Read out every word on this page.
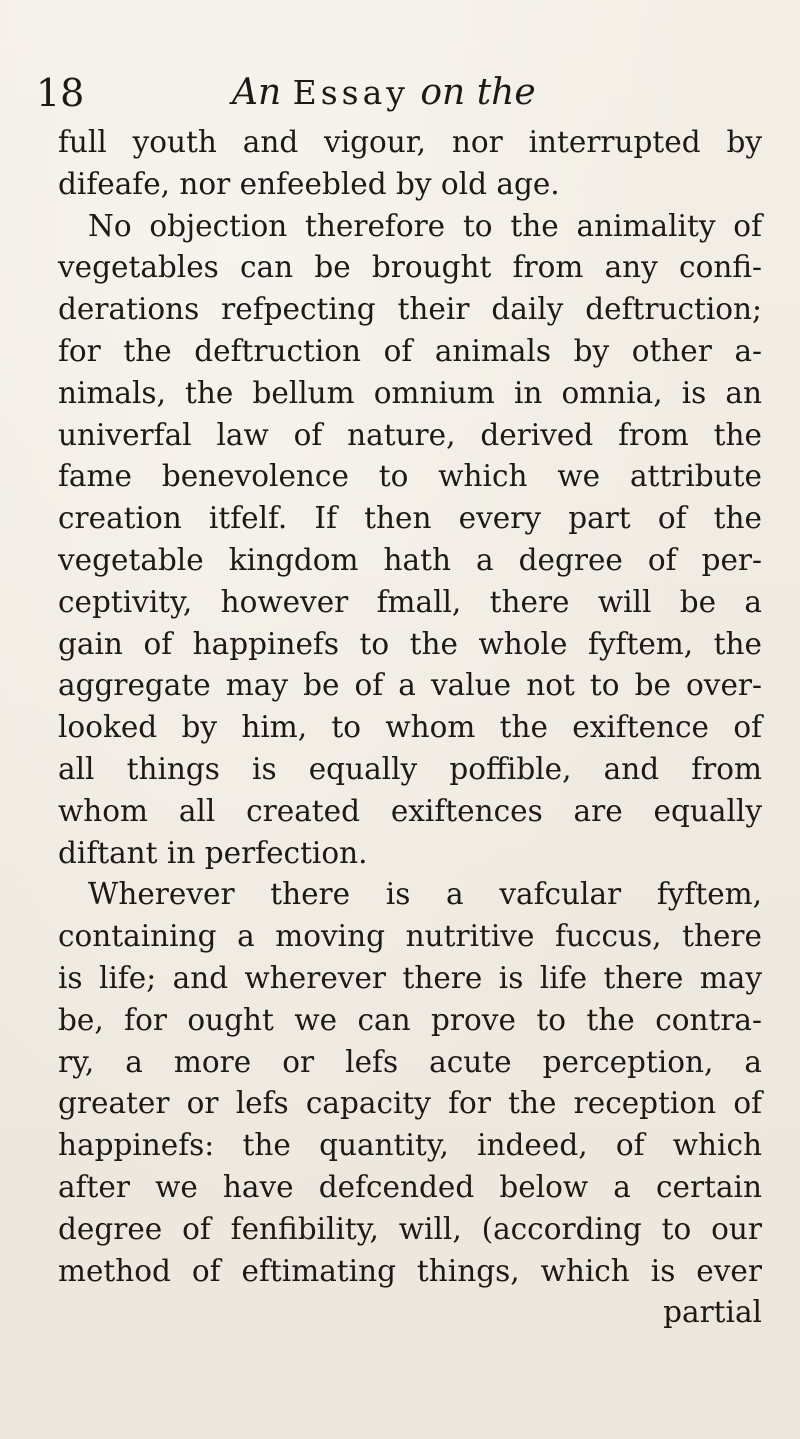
18	An Essay on the
full youth and vigour, nor interrupted by
difeafe, nor enfeebled by old age.
No objection therefore to the animality of
vegetables can be brought from any confi-
derations refpecting their daily deftruction;
for the deftruction of animals by other a-
nimals, the bellum omnium in omnia, is an
univerfal law of nature, derived from the
fame benevolence to which we attribute
creation itfelf. If then every part of the
vegetable kingdom hath a degree of per-
ceptivity, however fmall, there will be a
gain of happinefs to the whole fyftem, the
aggregate may be of a value not to be over-
looked by him, to whom the exiftence of
all things is equally poffible, and from
whom all created exiftences are equally
diftant in perfection.
Wherever there is a vafcular fyftem,
containing a moving nutritive fuccus, there
is life; and wherever there is life there may
be, for ought we can prove to the contra-
ry, a more or lefs acute perception, a
greater or lefs capacity for the reception of
happinefs: the quantity, indeed, of which
after we have defcended below a certain
degree of fenfibility, will, (according to our
method of eftimating things, which is ever
partial
